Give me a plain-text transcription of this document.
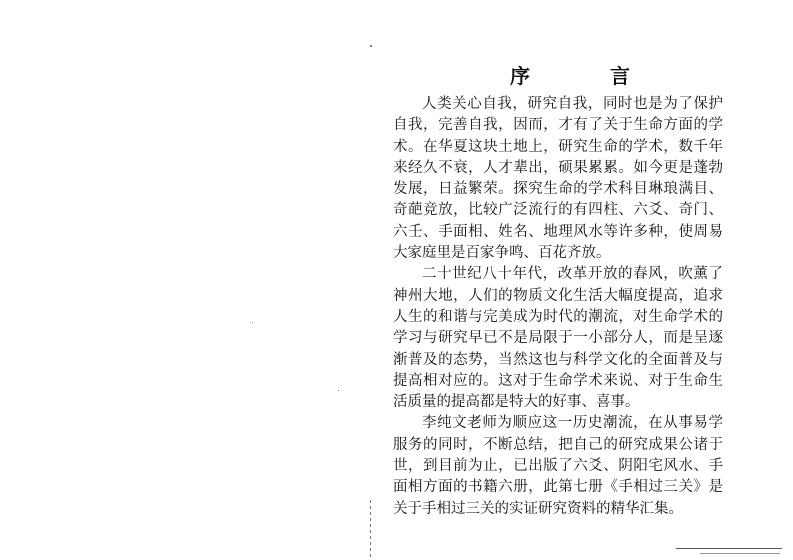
序　言

人类关心自我，研究自我，同时也是为了保护自我，完善自我，因而，才有了关于生命方面的学术。在华夏这块土地上，研究生命的学术，数千年来经久不衰，人才辈出，硕果累累。如今更是蓬勃发展，日益繁荣。探究生命的学术科目琳琅满目、奇葩竞放，比较广泛流行的有四柱、六爻、奇门、六壬、手面相、姓名、地理风水等许多种，使周易大家庭里是百家争鸣、百花齐放。

二十世纪八十年代，改革开放的春风，吹薰了神州大地，人们的物质文化生活大幅度提高，追求人生的和谐与完美成为时代的潮流，对生命学术的学习与研究早已不是局限于一小部分人，而是呈逐渐普及的态势，当然这也与科学文化的全面普及与提高相对应的。这对于生命学术来说、对于生命生活质量的提高都是特大的好事、喜事。

李纯文老师为顺应这一历史潮流，在从事易学服务的同时，不断总结，把自己的研究成果公诸于世，到目前为止，已出版了六爻、阴阳宅风水、手面相方面的书籍六册，此第七册《手相过三关》是关于手相过三关的实证研究资料的精华汇集。
